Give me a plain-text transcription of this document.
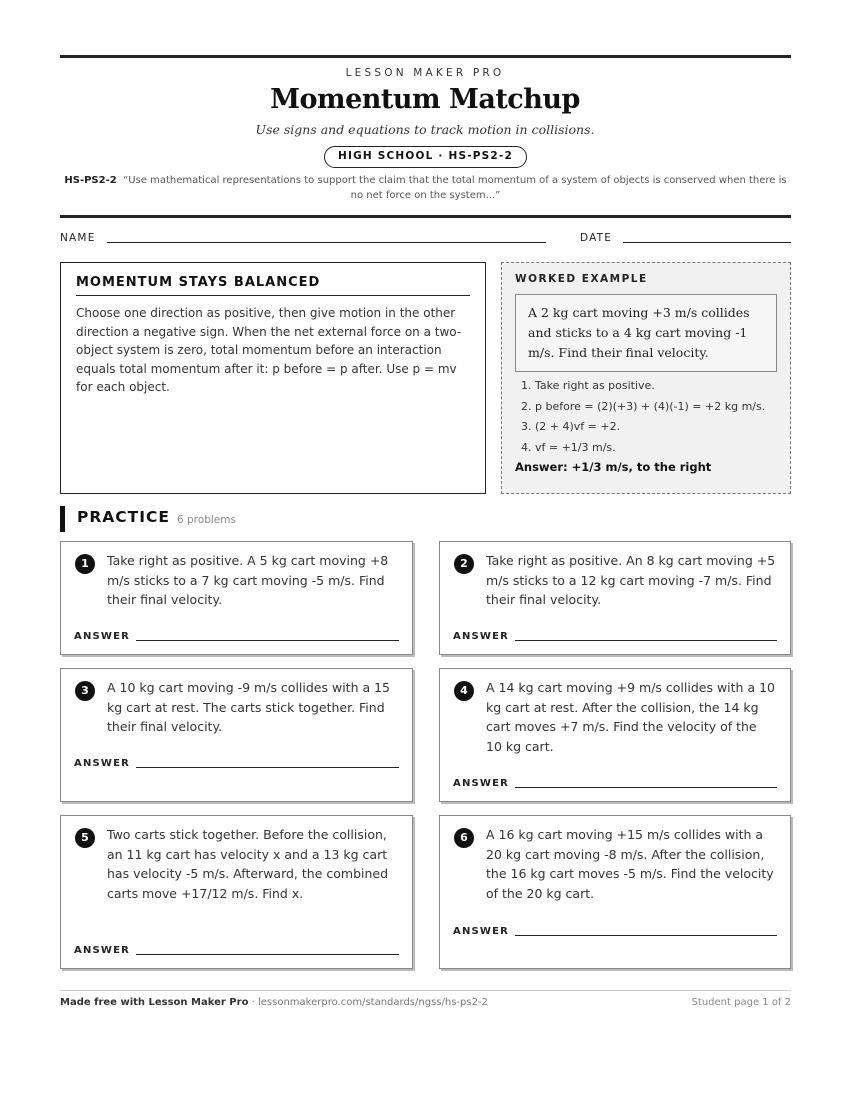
LESSON MAKER PRO
Momentum Matchup
Use signs and equations to track motion in collisions.
HIGH SCHOOL · HS-PS2-2
HS-PS2-2 “Use mathematical representations to support the claim that the total momentum of a system of objects is conserved when there is no net force on the system...”
NAME	DATE
MOMENTUM STAYS BALANCED
Choose one direction as positive, then give motion in the other direction a negative sign. When the net external force on a two-object system is zero, total momentum before an interaction equals total momentum after it: p before = p after. Use p = mv for each object.
WORKED EXAMPLE
A 2 kg cart moving +3 m/s collides and sticks to a 4 kg cart moving -1 m/s. Find their final velocity.
1. Take right as positive.
2. p before = (2)(+3) + (4)(-1) = +2 kg m/s.
3. (2 + 4)vf = +2.
4. vf = +1/3 m/s.
Answer: +1/3 m/s, to the right
PRACTICE 6 problems
1	Take right as positive. A 5 kg cart moving +8 m/s sticks to a 7 kg cart moving -5 m/s. Find their final velocity.
ANSWER
2	Take right as positive. An 8 kg cart moving +5 m/s sticks to a 12 kg cart moving -7 m/s. Find their final velocity.
ANSWER
3	A 10 kg cart moving -9 m/s collides with a 15 kg cart at rest. The carts stick together. Find their final velocity.
ANSWER
4	A 14 kg cart moving +9 m/s collides with a 10 kg cart at rest. After the collision, the 14 kg cart moves +7 m/s. Find the velocity of the 10 kg cart.
ANSWER
5	Two carts stick together. Before the collision, an 11 kg cart has velocity x and a 13 kg cart has velocity -5 m/s. Afterward, the combined carts move +17/12 m/s. Find x.
ANSWER
6	A 16 kg cart moving +15 m/s collides with a 20 kg cart moving -8 m/s. After the collision, the 16 kg cart moves -5 m/s. Find the velocity of the 20 kg cart.
ANSWER
Made free with Lesson Maker Pro · lessonmakerpro.com/standards/ngss/hs-ps2-2	Student page 1 of 2
